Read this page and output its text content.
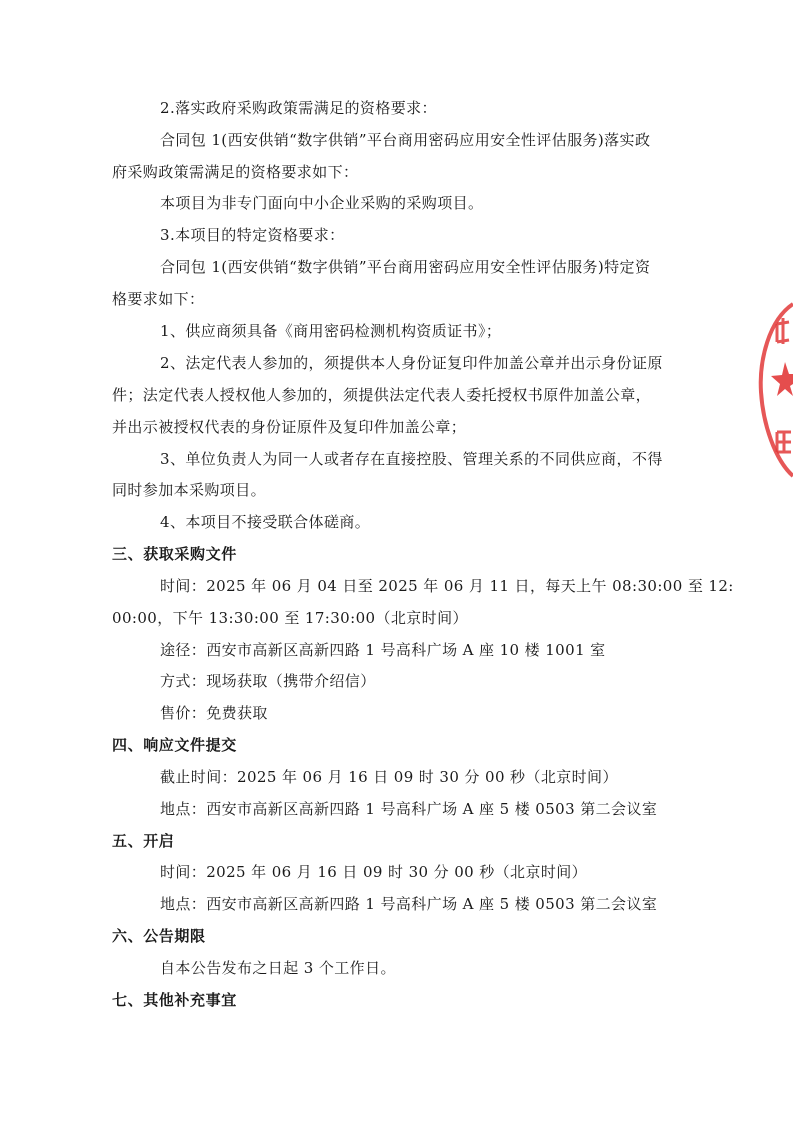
2.落实政府采购政策需满足的资格要求：
合同包 1(西安供销“数字供销”平台商用密码应用安全性评估服务)落实政
府采购政策需满足的资格要求如下：
本项目为非专门面向中小企业采购的采购项目。
3.本项目的特定资格要求：
合同包 1(西安供销“数字供销”平台商用密码应用安全性评估服务)特定资
格要求如下：
1、供应商须具备《商用密码检测机构资质证书》；
2、法定代表人参加的，须提供本人身份证复印件加盖公章并出示身份证原
件；法定代表人授权他人参加的，须提供法定代表人委托授权书原件加盖公章，
并出示被授权代表的身份证原件及复印件加盖公章；
3、单位负责人为同一人或者存在直接控股、管理关系的不同供应商，不得
同时参加本采购项目。
4、本项目不接受联合体磋商。
三、获取采购文件
时间：2025 年 06 月 04 日至 2025 年 06 月 11 日，每天上午 08:30:00 至 12:
00:00，下午 13:30:00 至 17:30:00（北京时间）
途径：西安市高新区高新四路 1 号高科广场 A 座 10 楼 1001 室
方式：现场获取（携带介绍信）
售价：免费获取
四、响应文件提交
截止时间：2025 年 06 月 16 日 09 时 30 分 00 秒（北京时间）
地点：西安市高新区高新四路 1 号高科广场 A 座 5 楼 0503 第二会议室
五、开启
时间：2025 年 06 月 16 日 09 时 30 分 00 秒（北京时间）
地点：西安市高新区高新四路 1 号高科广场 A 座 5 楼 0503 第二会议室
六、公告期限
自本公告发布之日起 3 个工作日。
七、其他补充事宜
